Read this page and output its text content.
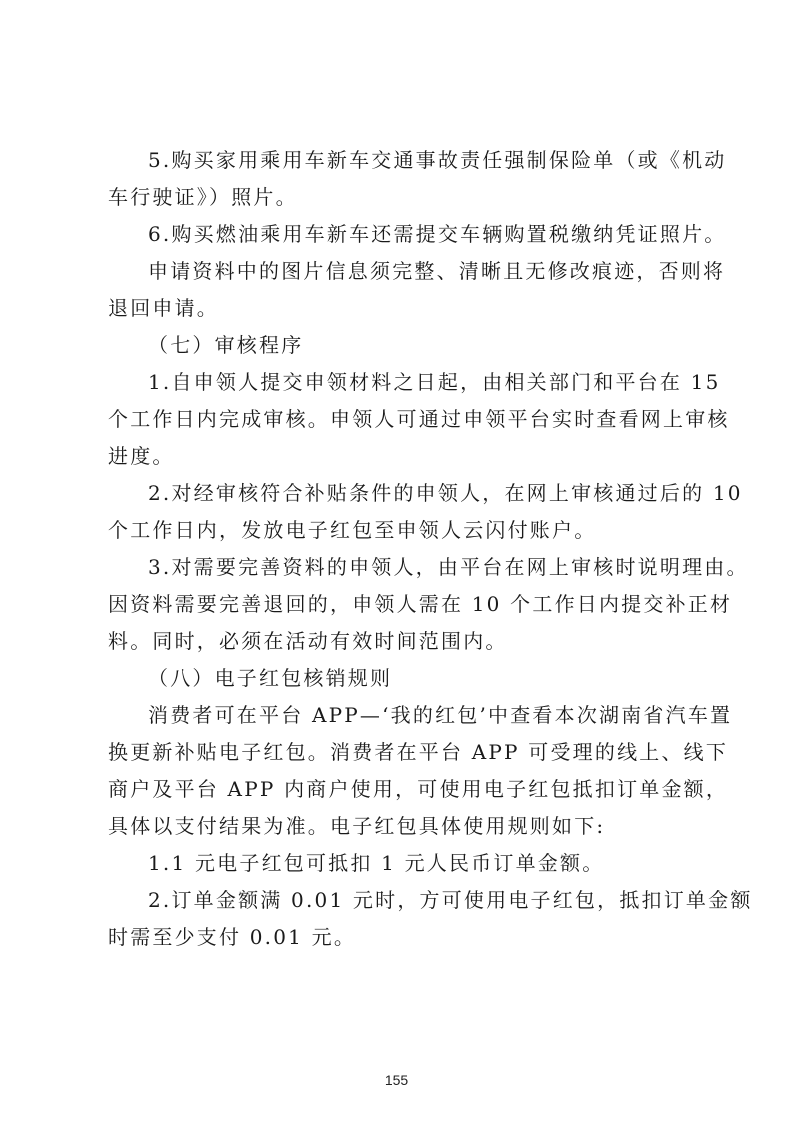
5.购买家用乘用车新车交通事故责任强制保险单（或《机动
车行驶证》）照片。
6.购买燃油乘用车新车还需提交车辆购置税缴纳凭证照片。
申请资料中的图片信息须完整、清晰且无修改痕迹，否则将
退回申请。
（七）审核程序
1.自申领人提交申领材料之日起，由相关部门和平台在 15
个工作日内完成审核。申领人可通过申领平台实时查看网上审核
进度。
2.对经审核符合补贴条件的申领人，在网上审核通过后的 10
个工作日内，发放电子红包至申领人云闪付账户。
3.对需要完善资料的申领人，由平台在网上审核时说明理由。
因资料需要完善退回的，申领人需在 10 个工作日内提交补正材
料。同时，必须在活动有效时间范围内。
（八）电子红包核销规则
消费者可在平台 APP—‘我的红包’中查看本次湖南省汽车置
换更新补贴电子红包。消费者在平台 APP 可受理的线上、线下
商户及平台 APP 内商户使用，可使用电子红包抵扣订单金额，
具体以支付结果为准。电子红包具体使用规则如下:
1.1 元电子红包可抵扣 1 元人民币订单金额。
2.订单金额满 0.01 元时，方可使用电子红包，抵扣订单金额
时需至少支付 0.01 元。
155
